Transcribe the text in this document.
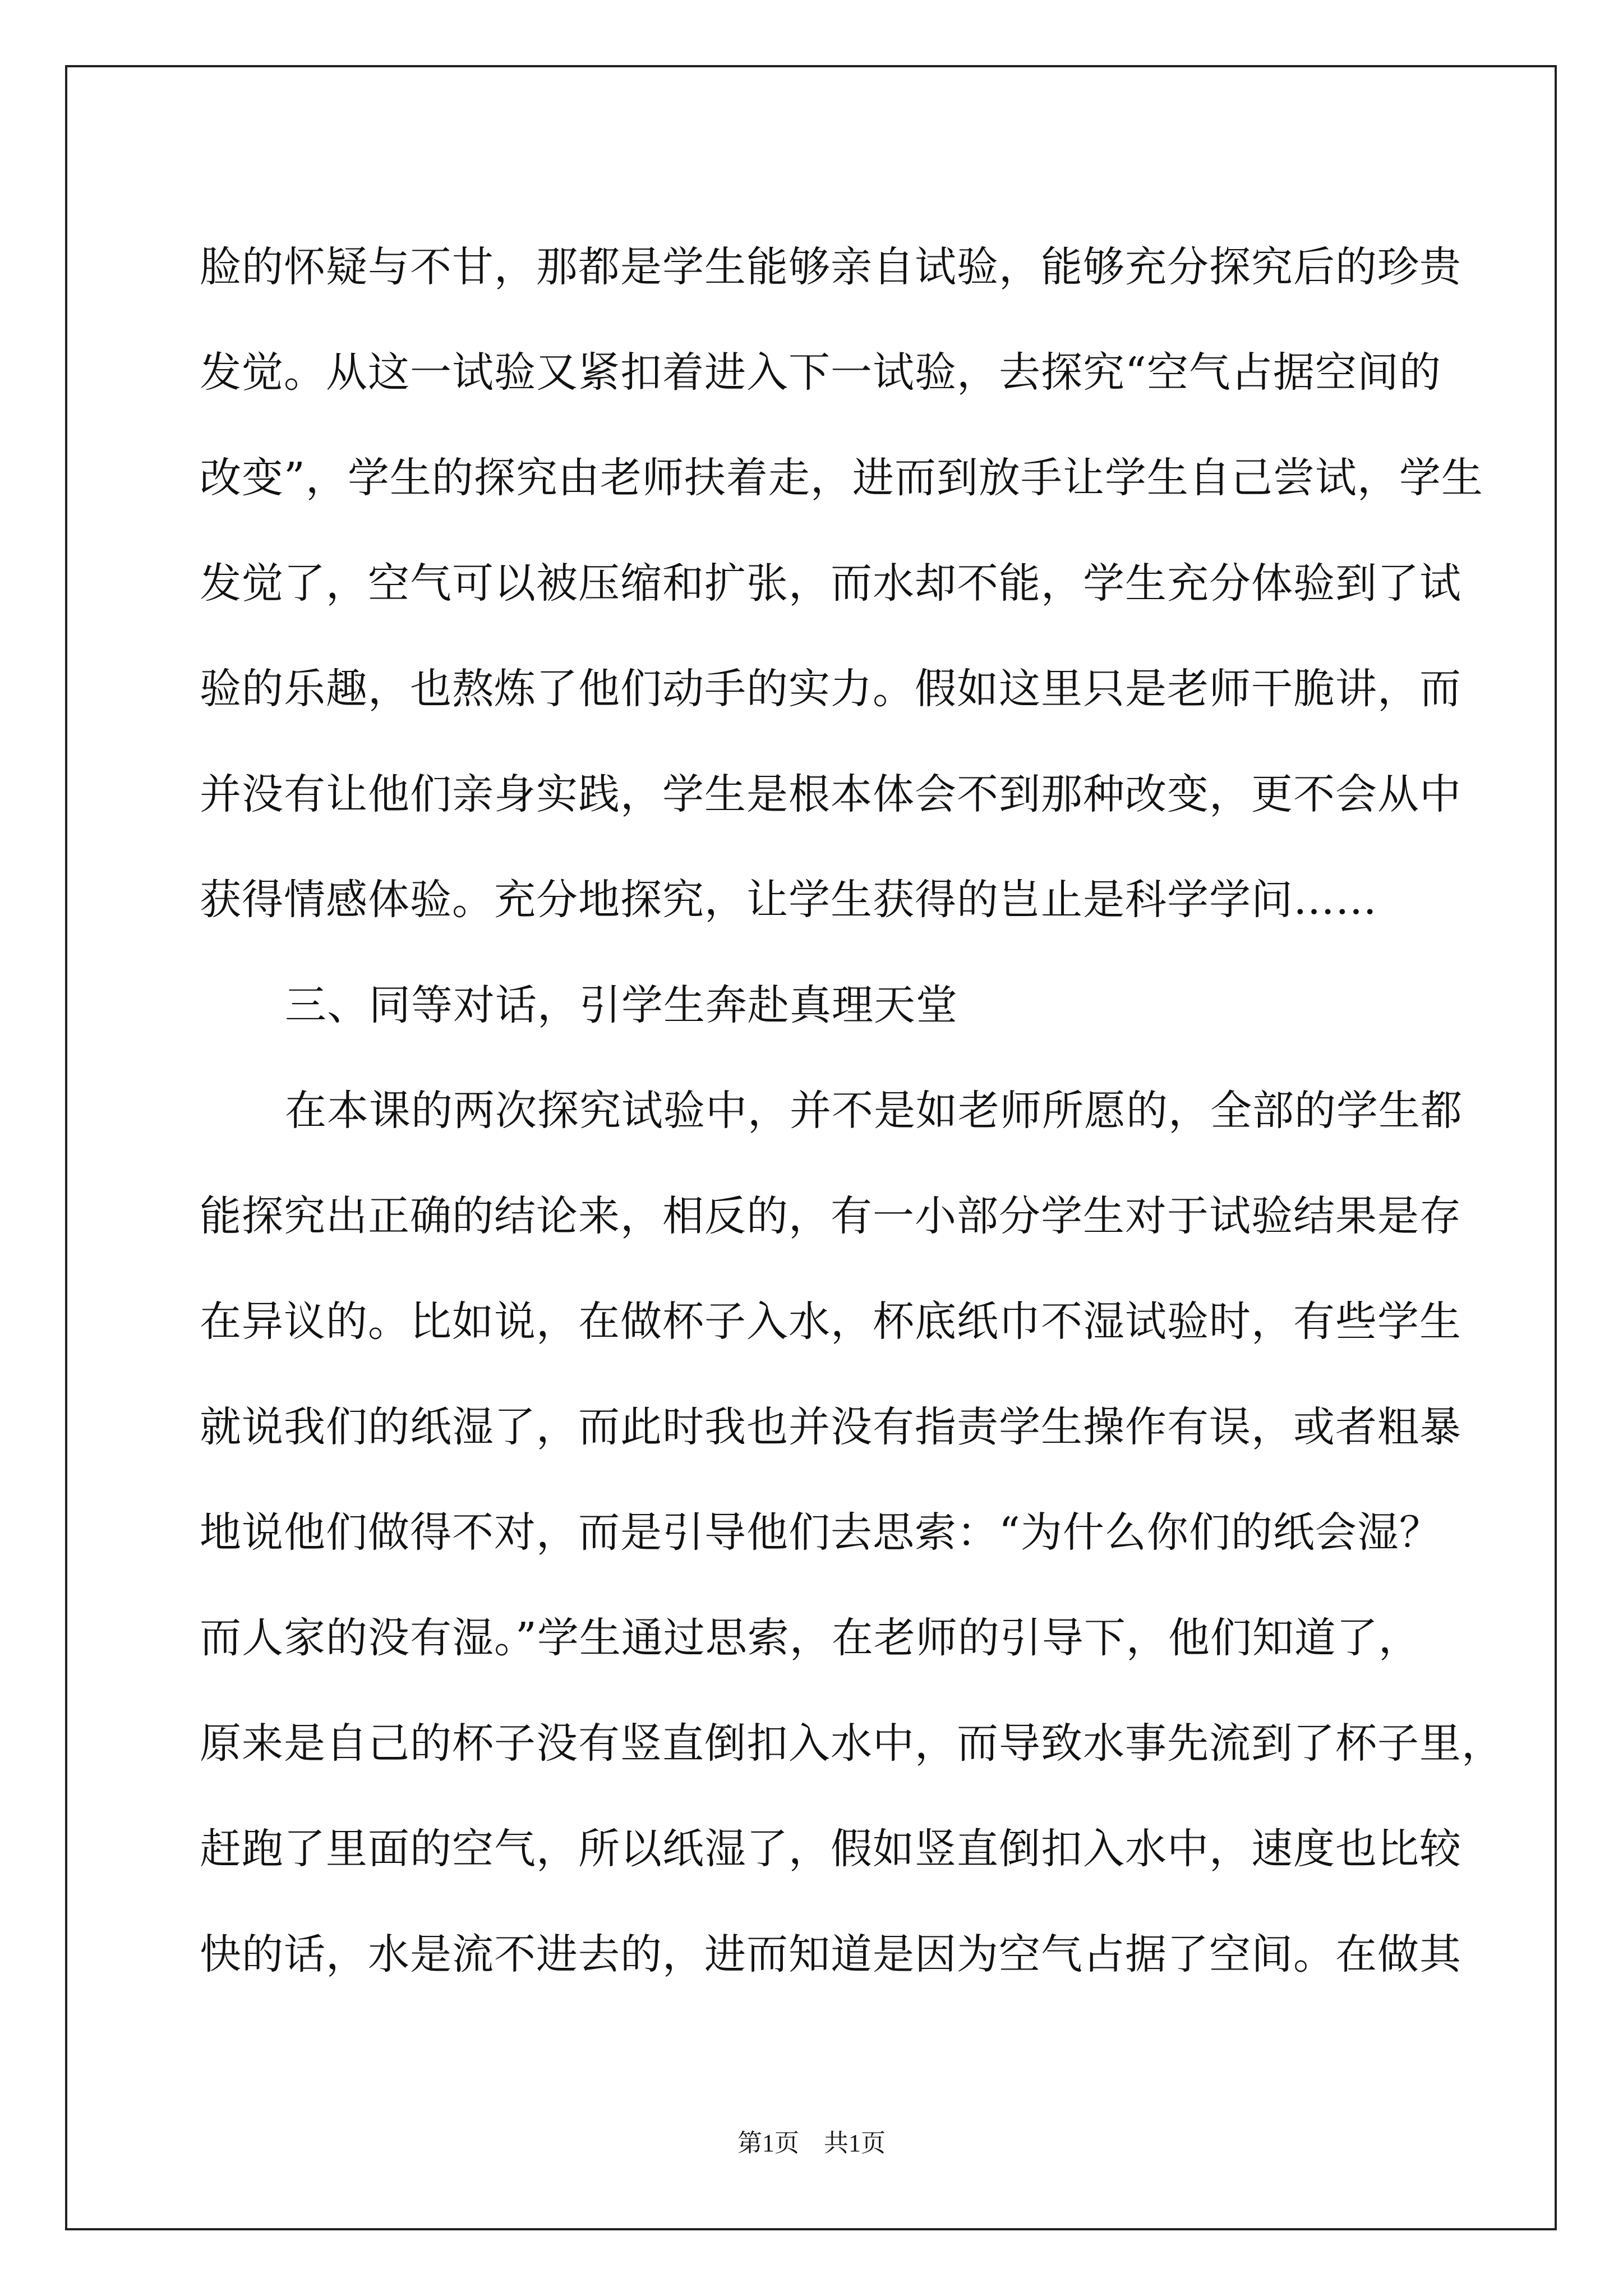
脸的怀疑与不甘，那都是学生能够亲自试验，能够充分探究后的珍贵
发觉。从这一试验又紧扣着进入下一试验，去探究“空气占据空间的
改变”，学生的探究由老师扶着走，进而到放手让学生自己尝试，学生
发觉了，空气可以被压缩和扩张，而水却不能，学生充分体验到了试
验的乐趣，也熬炼了他们动手的实力。假如这里只是老师干脆讲，而
并没有让他们亲身实践，学生是根本体会不到那种改变，更不会从中
获得情感体验。充分地探究，让学生获得的岂止是科学学问……
三、同等对话，引学生奔赴真理天堂
在本课的两次探究试验中，并不是如老师所愿的，全部的学生都
能探究出正确的结论来，相反的，有一小部分学生对于试验结果是存
在异议的。比如说，在做杯子入水，杯底纸巾不湿试验时，有些学生
就说我们的纸湿了，而此时我也并没有指责学生操作有误，或者粗暴
地说他们做得不对，而是引导他们去思索：“为什么你们的纸会湿？
而人家的没有湿。”学生通过思索，在老师的引导下，他们知道了，
原来是自己的杯子没有竖直倒扣入水中，而导致水事先流到了杯子里，
赶跑了里面的空气，所以纸湿了，假如竖直倒扣入水中，速度也比较
快的话，水是流不进去的，进而知道是因为空气占据了空间。在做其
第1页　共1页
